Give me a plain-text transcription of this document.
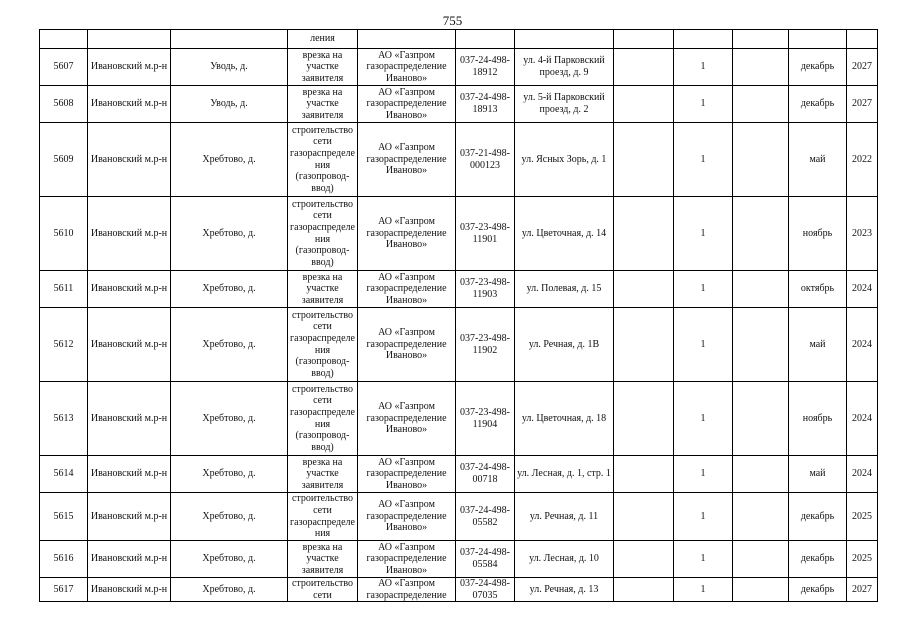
755
			ления								
5607	Ивановский м.р-н	Уводь, д.	врезка на участке заявителя	АО «Газпром газораспределение Иваново»	037-24-498-18912	ул. 4-й Парковский проезд, д. 9		1		декабрь	2027
5608	Ивановский м.р-н	Уводь, д.	врезка на участке заявителя	АО «Газпром газораспределение Иваново»	037-24-498-18913	ул. 5-й Парковский проезд, д. 2		1		декабрь	2027
5609	Ивановский м.р-н	Хребтово, д.	строительство сети газораспределения (газопровод-ввод)	АО «Газпром газораспределение Иваново»	037-21-498-000123	ул. Ясных Зорь, д. 1		1		май	2022
5610	Ивановский м.р-н	Хребтово, д.	строительство сети газораспределения (газопровод-ввод)	АО «Газпром газораспределение Иваново»	037-23-498-11901	ул. Цветочная, д. 14		1		ноябрь	2023
5611	Ивановский м.р-н	Хребтово, д.	врезка на участке заявителя	АО «Газпром газораспределение Иваново»	037-23-498-11903	ул. Полевая, д. 15		1		октябрь	2024
5612	Ивановский м.р-н	Хребтово, д.	строительство сети газораспределения (газопровод-ввод)	АО «Газпром газораспределение Иваново»	037-23-498-11902	ул. Речная, д. 1В		1		май	2024
5613	Ивановский м.р-н	Хребтово, д.	строительство сети газораспределения (газопровод-ввод)	АО «Газпром газораспределение Иваново»	037-23-498-11904	ул. Цветочная, д. 18		1		ноябрь	2024
5614	Ивановский м.р-н	Хребтово, д.	врезка на участке заявителя	АО «Газпром газораспределение Иваново»	037-24-498-00718	ул. Лесная, д. 1, стр. 1		1		май	2024
5615	Ивановский м.р-н	Хребтово, д.	строительство сети газораспределения	АО «Газпром газораспределение Иваново»	037-24-498-05582	ул. Речная, д. 11		1		декабрь	2025
5616	Ивановский м.р-н	Хребтово, д.	врезка на участке заявителя	АО «Газпром газораспределение Иваново»	037-24-498-05584	ул. Лесная, д. 10		1		декабрь	2025
5617	Ивановский м.р-н	Хребтово, д.	строительство сети	АО «Газпром газораспределение	037-24-498-07035	ул. Речная, д. 13		1		декабрь	2027
